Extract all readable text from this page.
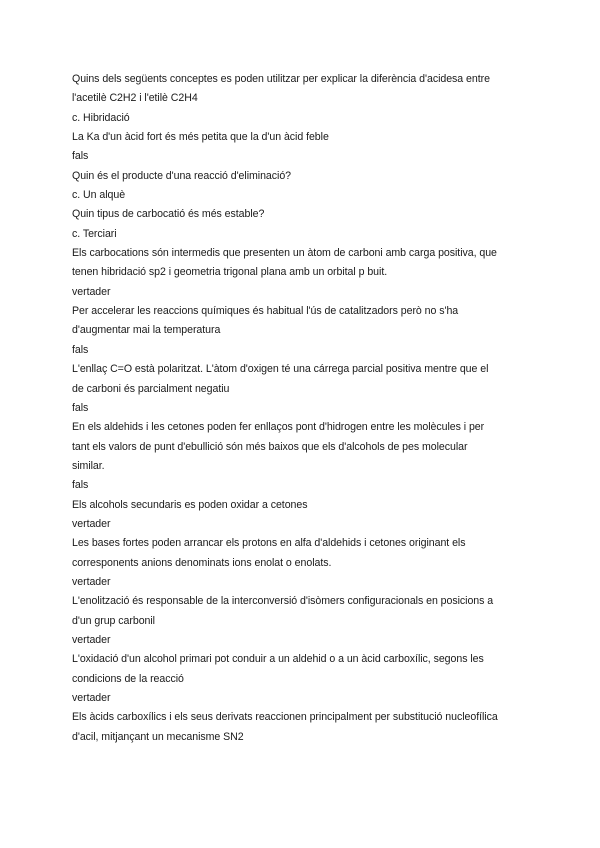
Quins dels següents conceptes es poden utilitzar per explicar la diferència d'acidesa entre
l'acetilè C2H2 i l'etilè C2H4
c. Hibridació
La Ka d'un àcid fort és més petita que la d'un àcid feble
fals
Quin és el producte d'una reacció d'eliminació?
c. Un alquè
Quin tipus de carbocatió és més estable?
c. Terciari
Els carbocations són intermedis que presenten un àtom de carboni amb carga positiva, que
tenen hibridació sp2 i geometria trigonal plana amb un orbital p buit.
vertader
Per accelerar les reaccions químiques és habitual l'ús de catalitzadors però no s'ha
d'augmentar mai la temperatura
fals
L'enllaç C=O està polaritzat. L'àtom d'oxigen té una cárrega parcial positiva mentre que el
de carboni és parcialment negatiu
fals
En els aldehids i les cetones poden fer enllaços pont d'hidrogen entre les molècules i per
tant els valors de punt d'ebullició són més baixos que els d'alcohols de pes molecular
similar.
fals
Els alcohols secundaris es poden oxidar a cetones
vertader
Les bases fortes poden arrancar els protons en alfa d'aldehids i cetones originant els
corresponents anions denominats ions enolat o enolats.
vertader
L'enolització és responsable de la interconversió d'isòmers configuracionals en posicions a
d'un grup carbonil
vertader
L'oxidació d'un alcohol primari pot conduir a un aldehid o a un àcid carboxílic, segons les
condicions de la reacció
vertader
Els àcids carboxílics i els seus derivats reaccionen principalment per substitució nucleofílica
d'acil, mitjançant un mecanisme SN2
